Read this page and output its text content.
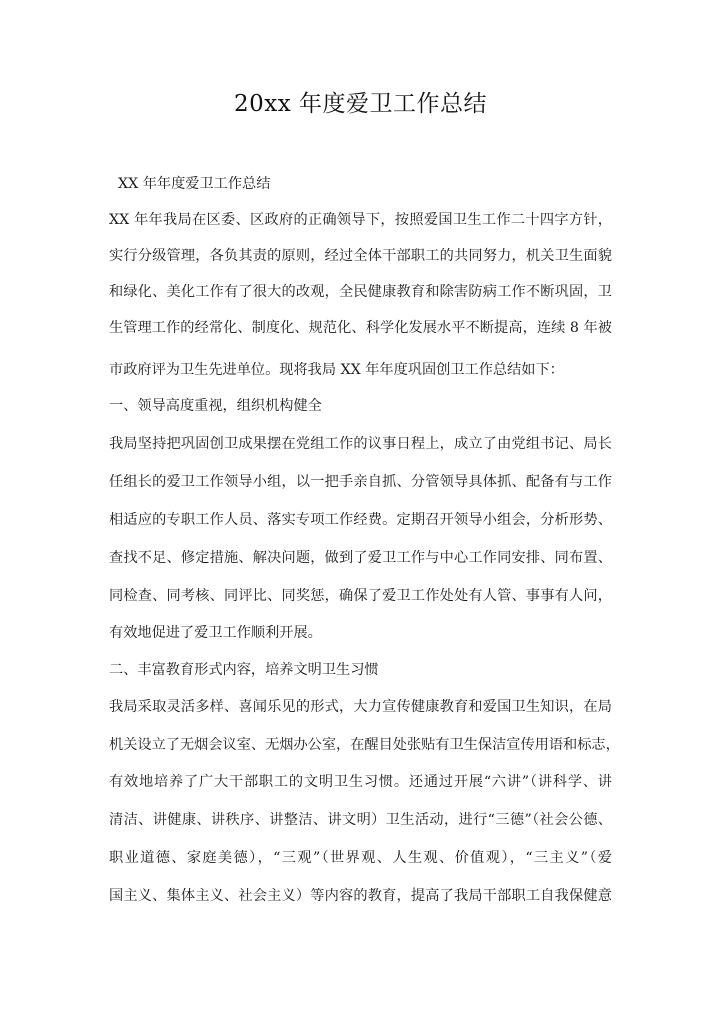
20xx 年度爱卫工作总结
XX 年年度爱卫工作总结
XX 年年我局在区委、区政府的正确领导下，按照爱国卫生工作二十四字方针，
实行分级管理，各负其责的原则，经过全体干部职工的共同努力，机关卫生面貌
和绿化、美化工作有了很大的改观，全民健康教育和除害防病工作不断巩固，卫
生管理工作的经常化、制度化、规范化、科学化发展水平不断提高，连续 8 年被
市政府评为卫生先进单位。现将我局 XX 年年度巩固创卫工作总结如下：
一、领导高度重视，组织机构健全
我局坚持把巩固创卫成果摆在党组工作的议事日程上，成立了由党组书记、局长
任组长的爱卫工作领导小组，以一把手亲自抓、分管领导具体抓、配备有与工作
相适应的专职工作人员、落实专项工作经费。定期召开领导小组会，分析形势、
查找不足、修定措施、解决问题，做到了爱卫工作与中心工作同安排、同布置、
同检查、同考核、同评比、同奖惩，确保了爱卫工作处处有人管、事事有人问，
有效地促进了爱卫工作顺利开展。
二、丰富教育形式内容，培养文明卫生习惯
我局采取灵活多样、喜闻乐见的形式，大力宣传健康教育和爱国卫生知识，在局
机关设立了无烟会议室、无烟办公室，在醒目处张贴有卫生保洁宣传用语和标志，
有效地培养了广大干部职工的文明卫生习惯。还通过开展“六讲”（讲科学、讲
清洁、讲健康、讲秩序、讲整洁、讲文明）卫生活动，进行“三德”（社会公德、
职业道德、家庭美德），“三观”（世界观、人生观、价值观），“三主义”（爱
国主义、集体主义、社会主义）等内容的教育，提高了我局干部职工自我保健意
